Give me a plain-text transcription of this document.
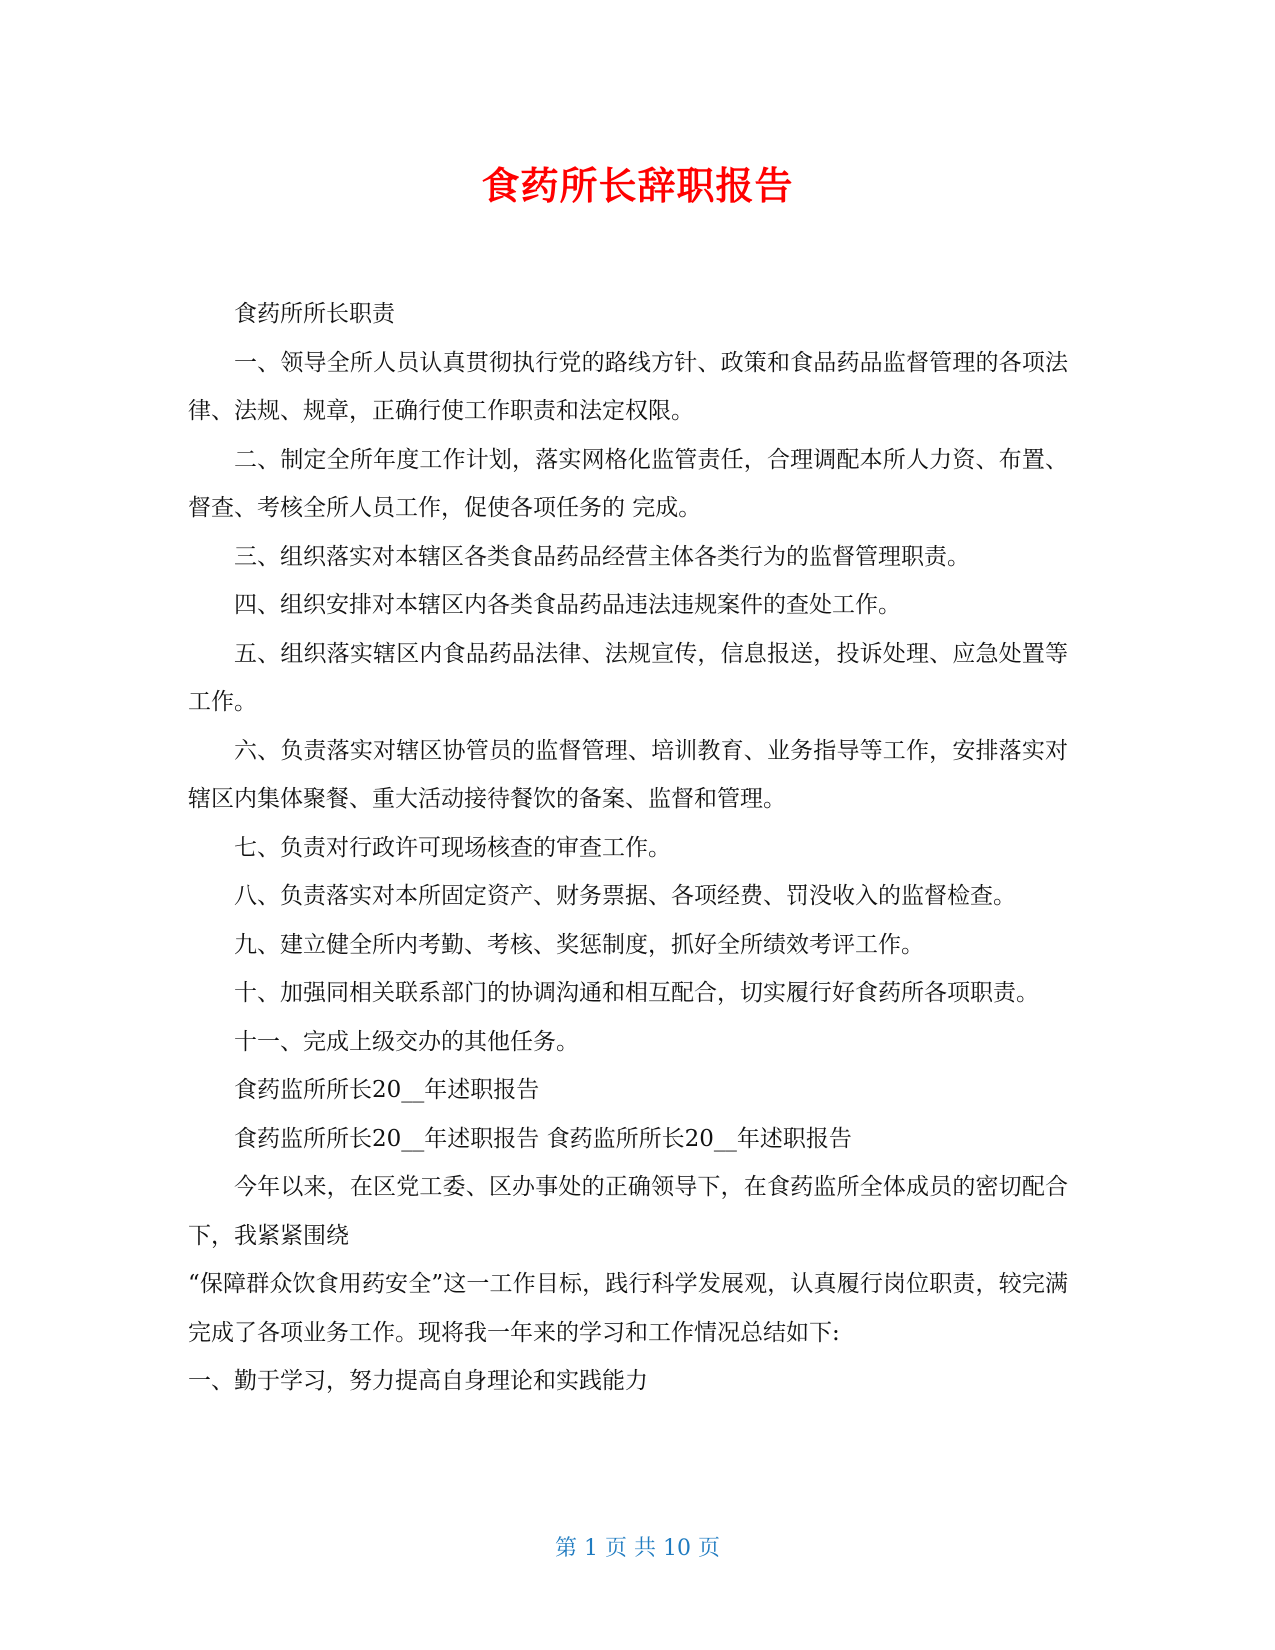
食药所长辞职报告

食药所所长职责

一、领导全所人员认真贯彻执行党的路线方针、政策和食品药品监督管理的各项法律、法规、规章，正确行使工作职责和法定权限。

二、制定全所年度工作计划，落实网格化监管责任，合理调配本所人力资、布置、督查、考核全所人员工作，促使各项任务的 完成。

三、组织落实对本辖区各类食品药品经营主体各类行为的监督管理职责。

四、组织安排对本辖区内各类食品药品违法违规案件的查处工作。

五、组织落实辖区内食品药品法律、法规宣传，信息报送，投诉处理、应急处置等工作。

六、负责落实对辖区协管员的监督管理、培训教育、业务指导等工作，安排落实对辖区内集体聚餐、重大活动接待餐饮的备案、监督和管理。

七、负责对行政许可现场核查的审查工作。

八、负责落实对本所固定资产、财务票据、各项经费、罚没收入的监督检查。

九、建立健全所内考勤、考核、奖惩制度，抓好全所绩效考评工作。

十、加强同相关联系部门的协调沟通和相互配合，切实履行好食药所各项职责。

十一、完成上级交办的其他任务。

食药监所所长20__年述职报告

食药监所所长20__年述职报告 食药监所所长20__年述职报告

今年以来，在区党工委、区办事处的正确领导下，在食药监所全体成员的密切配合下，我紧紧围绕

“保障群众饮食用药安全”这一工作目标，践行科学发展观，认真履行岗位职责，较完满完成了各项业务工作。现将我一年来的学习和工作情况总结如下:

一、勤于学习，努力提高自身理论和实践能力

第 1 页 共 10 页
